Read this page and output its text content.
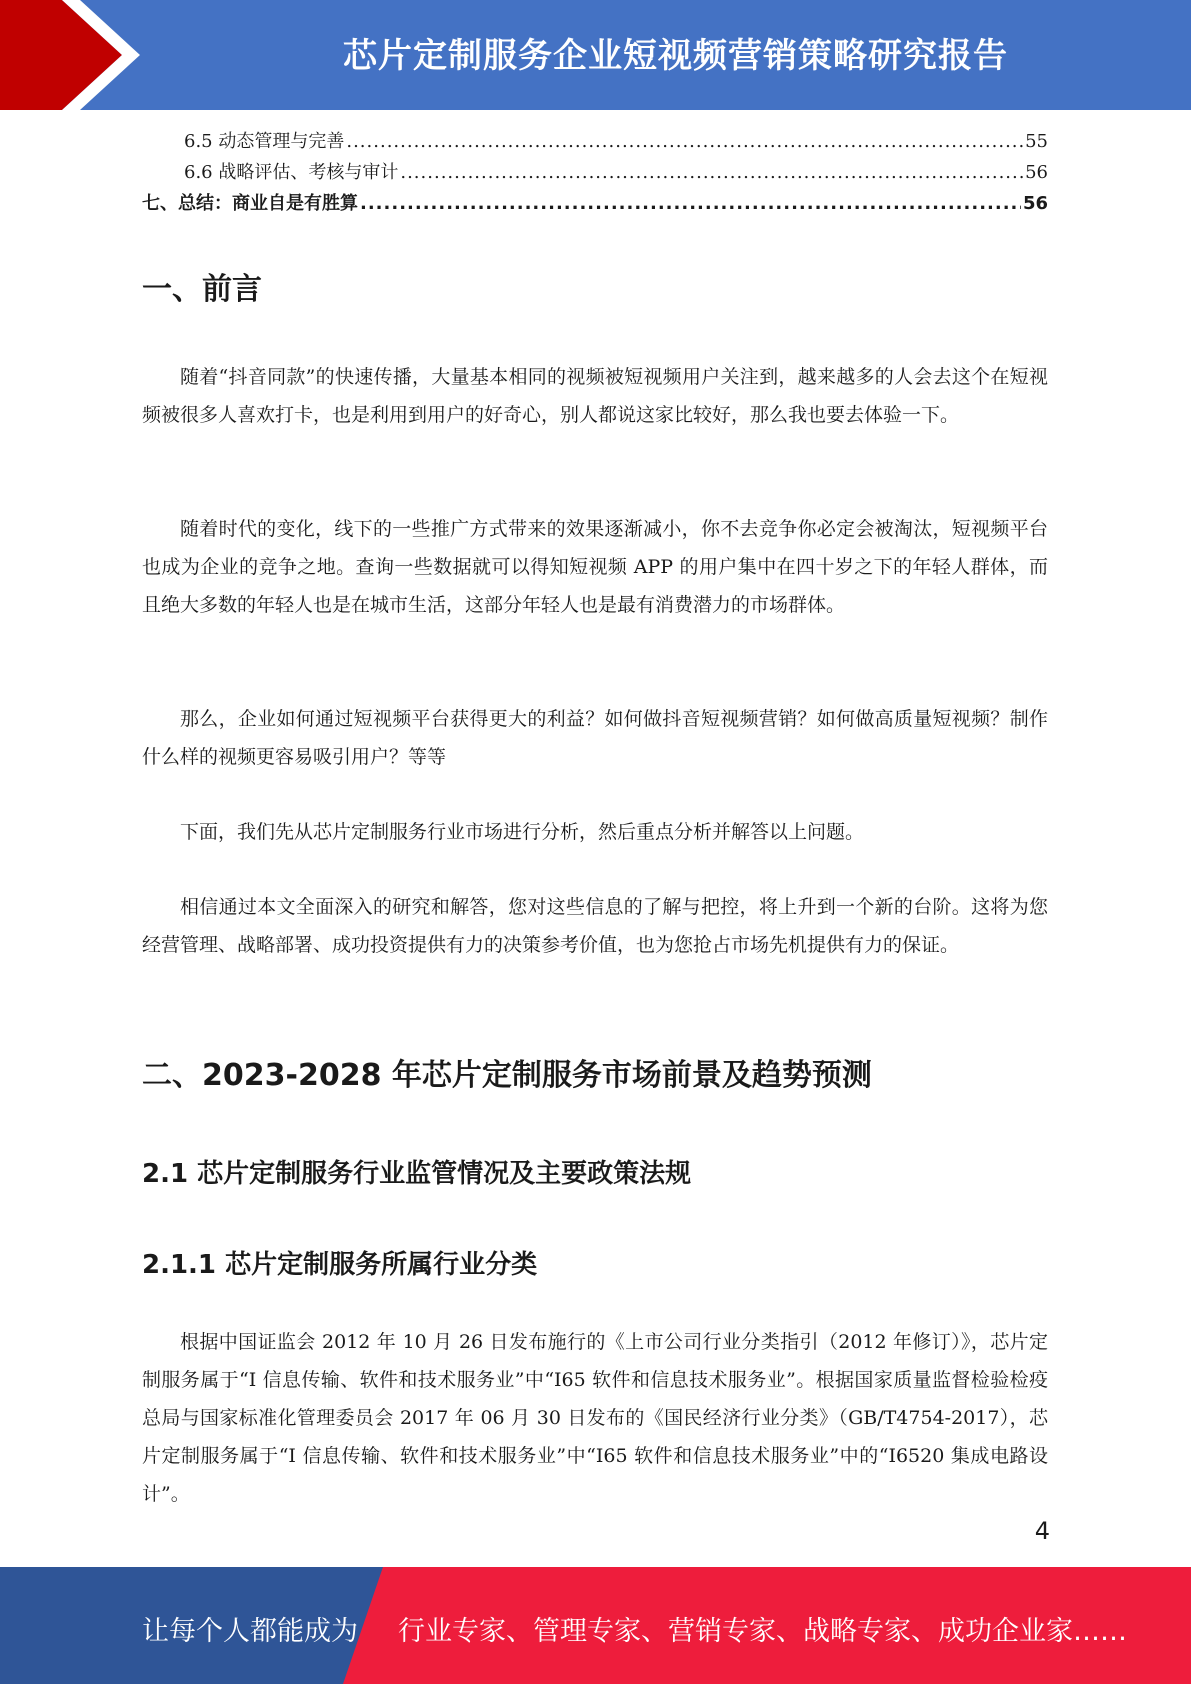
芯片定制服务企业短视频营销策略研究报告
6.5 动态管理与完善 .....	55
6.6 战略评估、考核与审计 .....	56
七、总结：商业自是有胜算 .....	56
一、前言

随着“抖音同款”的快速传播，大量基本相同的视频被短视频用户关注到，越来越多的人会去这个在短视频被很多人喜欢打卡，也是利用到用户的好奇心，别人都说这家比较好，那么我也要去体验一下。

随着时代的变化，线下的一些推广方式带来的效果逐渐减小，你不去竞争你必定会被淘汰，短视频平台也成为企业的竞争之地。查询一些数据就可以得知短视频 APP 的用户集中在四十岁之下的年轻人群体，而且绝大多数的年轻人也是在城市生活，这部分年轻人也是最有消费潜力的市场群体。

那么，企业如何通过短视频平台获得更大的利益？如何做抖音短视频营销？如何做高质量短视频？制作什么样的视频更容易吸引用户？等等

下面，我们先从芯片定制服务行业市场进行分析，然后重点分析并解答以上问题。

相信通过本文全面深入的研究和解答，您对这些信息的了解与把控，将上升到一个新的台阶。这将为您经营管理、战略部署、成功投资提供有力的决策参考价值，也为您抢占市场先机提供有力的保证。

二、2023-2028 年芯片定制服务市场前景及趋势预测
2.1 芯片定制服务行业监管情况及主要政策法规
2.1.1 芯片定制服务所属行业分类

根据中国证监会 2012 年 10 月 26 日发布施行的《上市公司行业分类指引（2012 年修订）》，芯片定制服务属于“I 信息传输、软件和技术服务业”中“I65 软件和信息技术服务业”。根据国家质量监督检验检疫总局与国家标准化管理委员会 2017 年 06 月 30 日发布的《国民经济行业分类》（GB/T4754-2017），芯片定制服务属于“I 信息传输、软件和技术服务业”中“I65 软件和信息技术服务业”中的“I6520 集成电路设计”。

4
让每个人都能成为 行业专家、管理专家、营销专家、战略专家、成功企业家……
